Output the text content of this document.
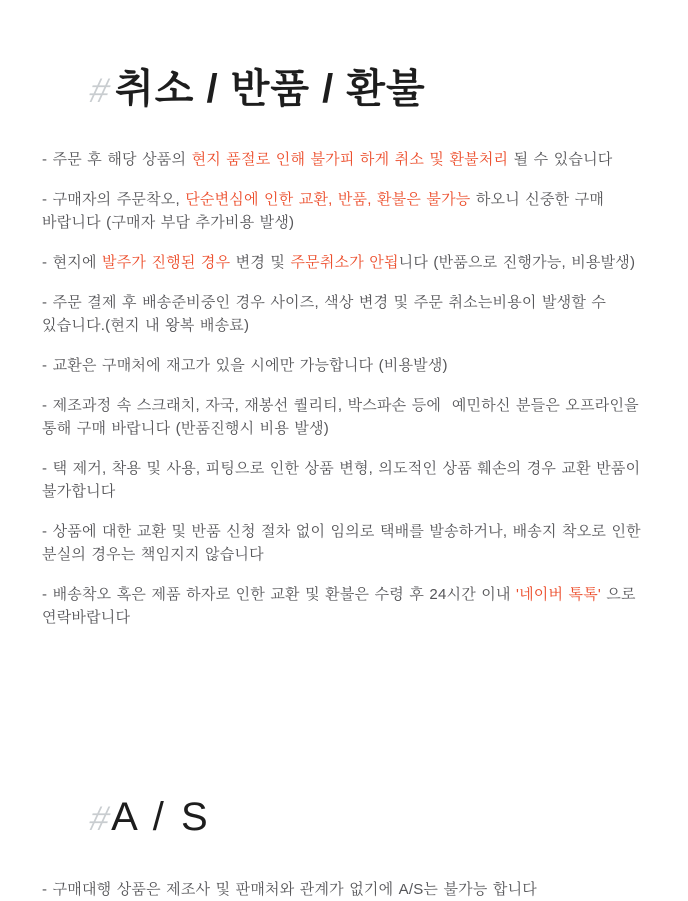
#취소 / 반품 / 환불

- 주문 후 해당 상품의 현지 품절로 인해 불가피 하게 취소 및 환불처리 될 수 있습니다

- 구매자의 주문착오, 단순변심에 인한 교환, 반품, 환불은 불가능 하오니 신중한 구매 바랍니다 (구매자 부담 추가비용 발생)

- 현지에 발주가 진행된 경우 변경 및 주문취소가 안됩니다 (반품으로 진행가능, 비용발생)

- 주문 결제 후 배송준비중인 경우 사이즈, 색상 변경 및 주문 취소는비용이 발생할 수 있습니다.(현지 내 왕복 배송료)

- 교환은 구매처에 재고가 있을 시에만 가능합니다 (비용발생)

- 제조과정 속 스크래치, 자국, 재봉선 퀄리티, 박스파손 등에  예민하신 분들은 오프라인을 통해 구매 바랍니다 (반품진행시 비용 발생)

- 택 제거, 착용 및 사용, 피팅으로 인한 상품 변형, 의도적인 상품 훼손의 경우 교환 반품이 불가합니다

- 상품에 대한 교환 및 반품 신청 절차 없이 임의로 택배를 발송하거나, 배송지 착오로 인한 분실의 경우는 책임지지 않습니다

- 배송착오 혹은 제품 하자로 인한 교환 및 환불은 수령 후 24시간 이내 '네이버 톡톡' 으로 연락바랍니다

#A / S

- 구매대행 상품은 제조사 및 판매처와 관계가 없기에 A/S는 불가능 합니다
